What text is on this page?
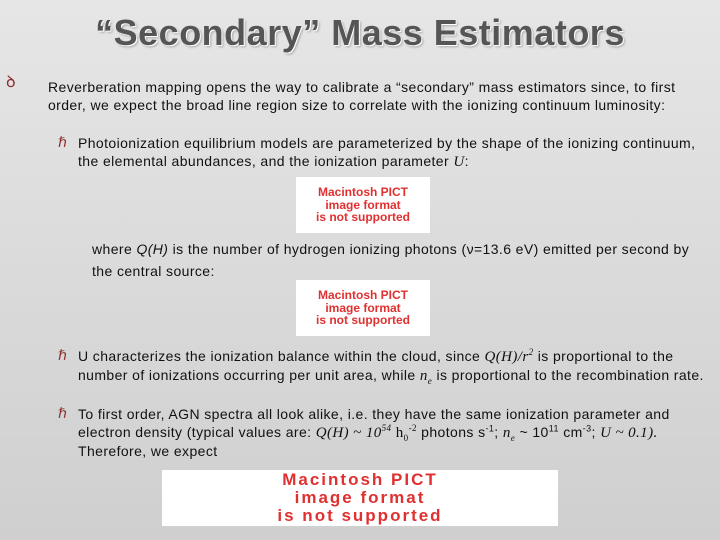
“Secondary” Mass Estimators
ꝺ Reverberation mapping opens the way to calibrate a “secondary” mass estimators since, to first order, we expect the broad line region size to correlate with the ionizing continuum luminosity:
ℏ Photoionization equilibrium models are parameterized by the shape of the ionizing continuum, the elemental abundances, and the ionization parameter U:
Macintosh PICT
image format
is not supported
where Q(H) is the number of hydrogen ionizing photons (ν=13.6 eV) emitted per second by the central source:
Macintosh PICT
image format
is not supported
ℏ U characterizes the ionization balance within the cloud, since $Q(H)/r^2$ is proportional to the number of ionizations occurring per unit area, while $n_e$ is proportional to the recombination rate.
ℏ To first order, AGN spectra all look alike, i.e. they have the same ionization parameter and electron density (typical values are: Q(H) ~ $10^{54}$ $h_0^{-2}$ photons $s^{-1}$; $n_e$ ~ $10^{11}$ $cm^{-3}$; U ~ 0.1). Therefore, we expect
Macintosh PICT
image format
is not supported
